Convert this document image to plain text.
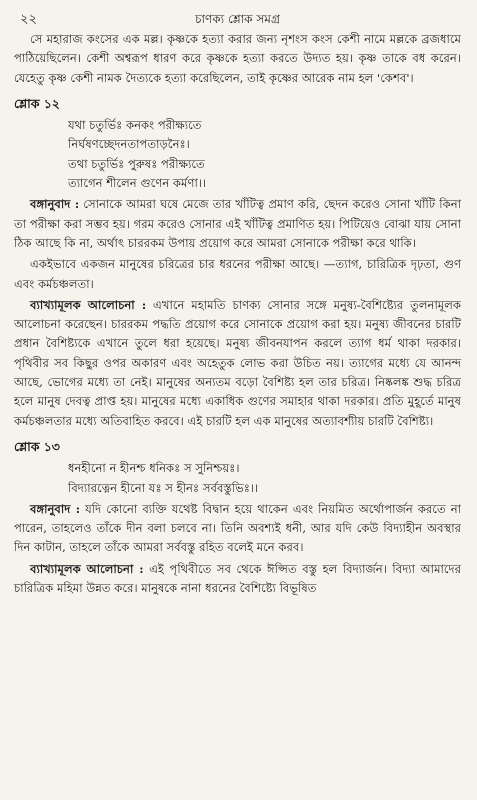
২২	চাণক্য শ্লোক সমগ্র

সে মহারাজ কংসের এক মল্ল। কৃষ্ণকে হত্যা করার জন্য নৃশংস কংস কেশী নামে মল্লকে ব্রজধামে পাঠিয়েছিলেন। কেশী অশ্বরূপ ধারণ করে কৃষ্ণকে হত্যা করতে উদ্যত হয়। কৃষ্ণ তাকে বধ করেন। যেহেতু কৃষ্ণ কেশী নামক দৈত্যকে হত্যা করেছিলেন, তাই কৃষ্ণের আরেক নাম হল 'কেশব'।

শ্লোক ১২
যথা চতুর্ভিঃ কনকং পরীক্ষ্যতে
নির্ঘষণচ্ছেদনতাপতাড়নৈঃ।
তথা চতুর্ভিঃ পুরুষঃ পরীক্ষ্যতে
ত্যাগেন শীলেন গুণেন কর্মণা।।

বঙ্গানুবাদ : সোনাকে আমরা ঘষে মেজে তার খাঁটিত্ব প্রমাণ করি, ছেদন করেও সোনা খাঁটি কিনা তা পরীক্ষা করা সম্ভব হয়। গরম করেও সোনার এই খাঁটিত্ব প্রমাণিত হয়। পিটিয়েও বোঝা যায় সোনা ঠিক আছে কি না, অর্থাৎ চাররকম উপায় প্রয়োগ করে আমরা সোনাকে পরীক্ষা করে থাকি।

একইভাবে একজন মানুষের চরিত্রের চার ধরনের পরীক্ষা আছে। —ত্যাগ, চারিত্রিক দৃঢ়তা, গুণ এবং কর্মচঞ্চলতা।

ব্যাখ্যামূলক আলোচনা : এখানে মহামতি চাণক্য সোনার সঙ্গে মনুষ্য-বৈশিষ্ট্যের তুলনামূলক আলোচনা করেছেন। চাররকম পদ্ধতি প্রয়োগ করে সোনাকে প্রয়োগ করা হয়। মনুষ্য জীবনের চারটি প্রধান বৈশিষ্ট্যকে এখানে তুলে ধরা হয়েছে। মনুষ্য জীবনযাপন করলে ত্যাগ ধর্ম থাকা দরকার। পৃথিবীর সব কিছুর ওপর অকারণ এবং অহেতুক লোভ করা উচিত নয়। ত্যাগের মধ্যে যে আনন্দ আছে, ভোগের মধ্যে তা নেই। মানুষের অন্যতম বড়ো বৈশিষ্ট্য হল তার চরিত্র। নিষ্কলঙ্ক শুদ্ধ চরিত্র হলে মানুষ দেবত্ব প্রাপ্ত হয়। মানুষের মধ্যে একাধিক গুণের সমাহার থাকা দরকার। প্রতি মুহূর্তে মানুষ কর্মচঞ্চলতার মধ্যে অতিবাহিত করবে। এই চারটি হল এক মানুষের অত্যাবশ্যীয় চারটি বৈশিষ্ট্য।

শ্লোক ১৩
ধনহীনো ন হীনশ্চ ধনিকঃ স সুনিশ্চয়ঃ।
বিদ্যারত্নেন হীনো যঃ স হীনঃ সর্ববস্তুভিঃ।।

বঙ্গানুবাদ : যদি কোনো ব্যক্তি যথেষ্ট বিদ্বান হয়ে থাকেন এবং নিয়মিত অর্থোপার্জন করতে না পারেন, তাহলেও তাঁকে দীন বলা চলবে না। তিনি অবশ্যই ধনী, আর যদি কেউ বিদ্যাহীন অবস্থার দিন কাটান, তাহলে তাঁকে আমরা সর্ববস্তু রহিত বলেই মনে করব।

ব্যাখ্যামূলক আলোচনা : এই পৃথিবীতে সব থেকে ঈপ্সিত বস্তু হল বিদ্যার্জন। বিদ্যা আমাদের চারিত্রিক মহিমা উন্নত করে। মানুষকে নানা ধরনের বৈশিষ্ট্যে বিভূষিত
